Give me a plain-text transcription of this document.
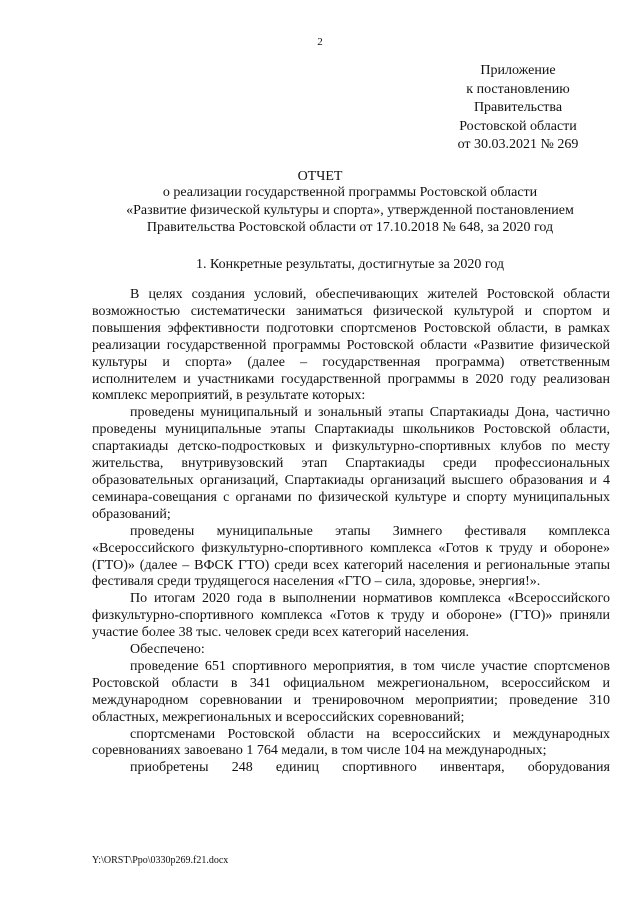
2
Приложение
к постановлению
Правительства
Ростовской области
от 30.03.2021 № 269
ОТЧЕТ
о реализации государственной программы Ростовской области
«Развитие физической культуры и спорта», утвержденной постановлением
Правительства Ростовской области от 17.10.2018 № 648, за 2020 год
1. Конкретные результаты, достигнутые за 2020 год

В целях создания условий, обеспечивающих жителей Ростовской области возможностью систематически заниматься физической культурой и спортом и повышения эффективности подготовки спортсменов Ростовской области, в рамках реализации государственной программы Ростовской области «Развитие физической культуры и спорта» (далее – государственная программа) ответственным исполнителем и участниками государственной программы в 2020 году реализован комплекс мероприятий, в результате которых:

проведены муниципальный и зональный этапы Спартакиады Дона, частично проведены муниципальные этапы Спартакиады школьников Ростовской области, спартакиады детско-подростковых и физкультурно-спортивных клубов по месту жительства, внутривузовский этап Спартакиады среди профессиональных образовательных организаций, Спартакиады организаций высшего образования и 4 семинара-совещания с органами по физической культуре и спорту муниципальных образований;

проведены муниципальные этапы Зимнего фестиваля комплекса «Всероссийского физкультурно-спортивного комплекса «Готов к труду и обороне» (ГТО)» (далее – ВФСК ГТО) среди всех категорий населения и региональные этапы фестиваля среди трудящегося населения «ГТО – сила, здоровье, энергия!».

По итогам 2020 года в выполнении нормативов комплекса «Всероссийского физкультурно-спортивного комплекса «Готов к труду и обороне» (ГТО)» приняли участие более 38 тыс. человек среди всех категорий населения.

Обеспечено:

проведение 651 спортивного мероприятия, в том числе участие спортсменов Ростовской области в 341 официальном межрегиональном, всероссийском и международном соревновании и тренировочном мероприятии; проведение 310 областных, межрегиональных и всероссийских соревнований;

спортсменами Ростовской области на всероссийских и международных соревнованиях завоевано 1 764 медали, в том числе 104 на международных;

приобретены 248 единиц спортивного инвентаря, оборудования

Y:\ORST\Ppo\0330p269.f21.docx
